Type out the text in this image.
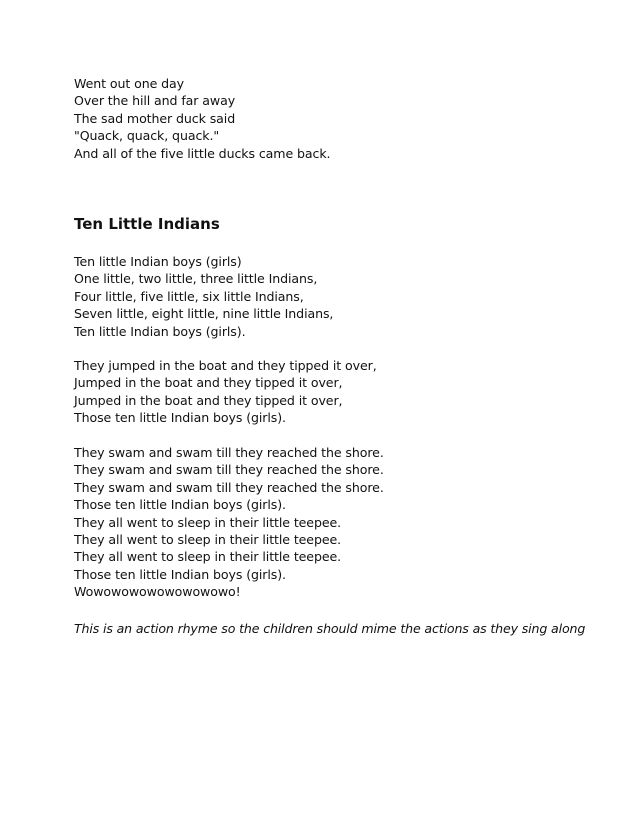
Went out one day
Over the hill and far away
The sad mother duck said
"Quack, quack, quack."
And all of the five little ducks came back.
Ten Little Indians
Ten little Indian boys (girls)
One little, two little, three little Indians,
Four little, five little, six little Indians,
Seven little, eight little, nine little Indians,
Ten little Indian boys (girls).
They jumped in the boat and they tipped it over,
Jumped in the boat and they tipped it over,
Jumped in the boat and they tipped it over,
Those ten little Indian boys (girls).
They swam and swam till they reached the shore.
They swam and swam till they reached the shore.
They swam and swam till they reached the shore.
Those ten little Indian boys (girls).
They all went to sleep in their little teepee.
They all went to sleep in their little teepee.
They all went to sleep in their little teepee.
Those ten little Indian boys (girls).
Wowowowowowowowowo!
This is an action rhyme so the children should mime the actions as they sing along
